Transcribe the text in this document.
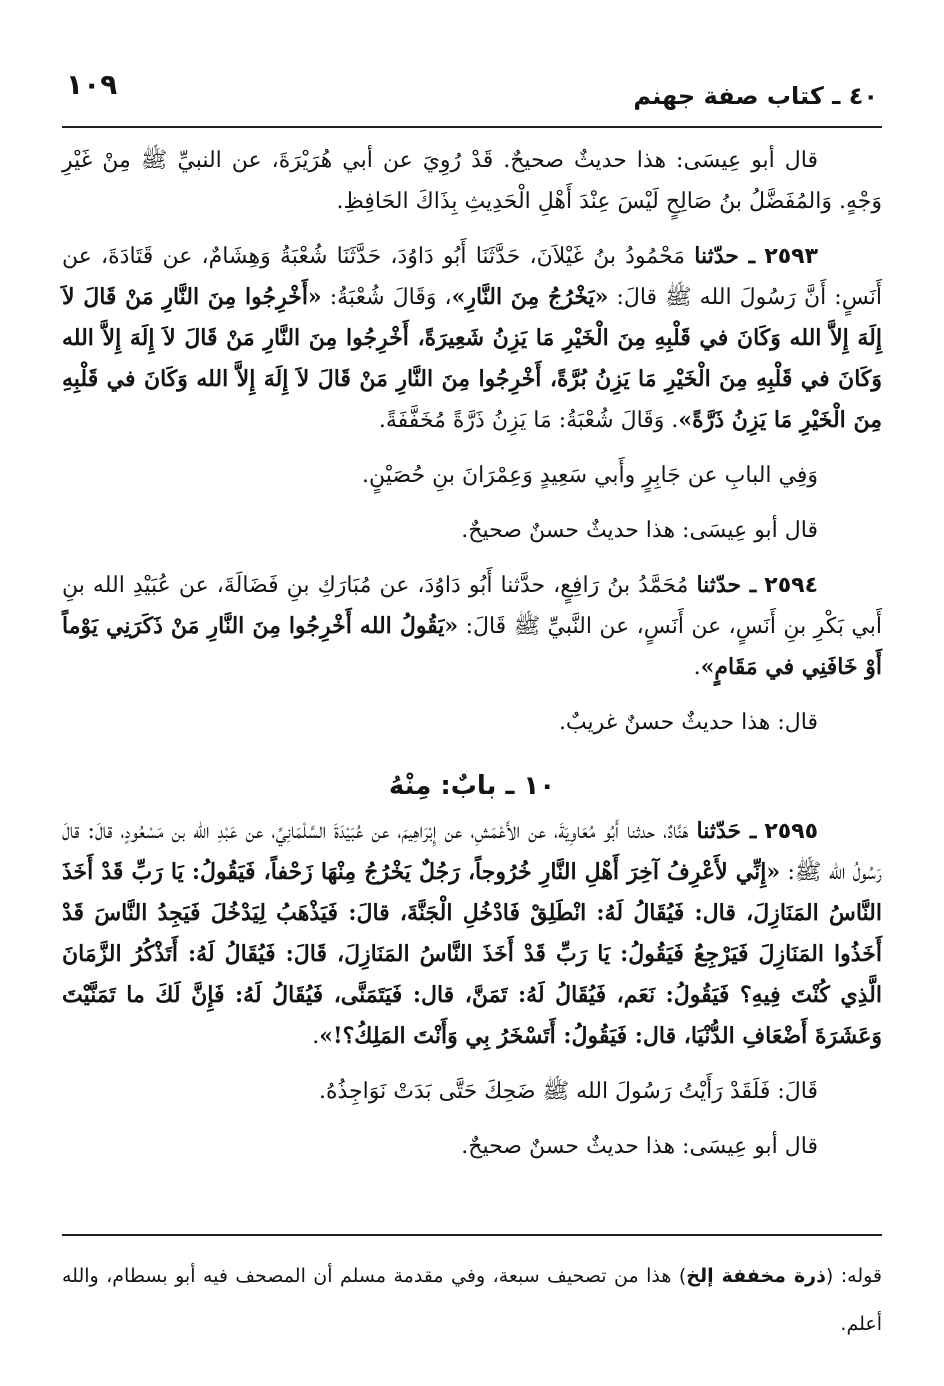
١٠٩	٤٠ ـ كتاب صفة جهنم

قال أبو عِيسَى: هذا حديثٌ صحيحٌ. قَدْ رُوِيَ عن أبي هُرَيْرَةَ، عن النبيِّ ﷺ مِنْ غَيْرِ وَجْهٍ. وَالمُفَضَّلُ بنُ صَالِحٍ لَيْسَ عِنْدَ أَهْلِ الْحَدِيثِ بِذَاكَ الحَافِظِ.

٢٥٩٣ ـ حدّثنا مَحْمُودُ بنُ غَيْلاَنَ، حَدَّثَنَا أَبُو دَاوُدَ، حَدَّثَنَا شُعْبَةُ وَهِشَامٌ، عن قَتَادَةَ، عن أَنَسٍ: أَنَّ رَسُولَ الله ﷺ قالَ: «يَخْرُجُ مِنَ النَّارِ»، وَقَالَ شُعْبَةُ: «أَخْرِجُوا مِنَ النَّارِ مَنْ قَالَ لاَ إِلَهَ إِلاَّ الله وَكَانَ في قَلْبِهِ مِنَ الْخَيْرِ مَا يَزِنُ شَعِيرَةً، أَخْرِجُوا مِنَ النَّارِ مَنْ قَالَ لاَ إِلَهَ إِلاَّ الله وَكَانَ في قَلْبِهِ مِنَ الْخَيْرِ مَا يَزِنُ بُرَّةً، أَخْرِجُوا مِنَ النَّارِ مَنْ قَالَ لاَ إِلَهَ إِلاَّ الله وَكَانَ في قَلْبِهِ مِنَ الْخَيْرِ مَا يَزِنُ ذَرَّةً». وَقَالَ شُعْبَةُ: مَا يَزِنُ ذَرَّةً مُخَفَّفَةً.

وَفِي البابِ عن جَابِرٍ وأَبي سَعِيدٍ وَعِمْرَانَ بنِ حُصَيْنٍ.

قال أبو عِيسَى: هذا حديثٌ حسنٌ صحيحٌ.

٢٥٩٤ ـ حدّثنا مُحَمَّدُ بنُ رَافِعٍ، حدَّثنا أَبُو دَاوُدَ، عن مُبَارَكِ بنِ فَضَالَةَ، عن عُبَيْدِ الله بنِ أَبي بَكْرِ بنِ أَنَسٍ، عن أَنَسٍ، عن النَّبيِّ ﷺ قَالَ: «يَقُولُ الله أَخْرِجُوا مِنَ النَّارِ مَنْ ذَكَرَنِي يَوْماً أَوْ خَافَنِي في مَقَامٍ».

قال: هذا حديثٌ حسنٌ غريبٌ.

١٠ ـ بابٌ: مِنْهُ

٢٥٩٥ ـ حَدّثنا هَنَّادٌ، حدثنا أَبُو مُعَاوِيَةَ، عن الأَعْمَشِ، عن إِبْرَاهِيمَ، عن عُبَيْدَةَ السَّلْمَانِيِّ، عن عَبْدِ الله بن مَسْعُودٍ، قالَ: قالَ رَسُولُ الله ﷺ: «إِنِّي لأَعْرِفُ آخِرَ أَهْلِ النَّارِ خُرُوجاً، رَجُلٌ يَخْرُجُ مِنْهَا زَحْفاً، فَيَقُولُ: يَا رَبِّ قَدْ أَخَذَ النَّاسُ المَنَازِلَ، قال: فَيُقَالُ لَهُ: انْطَلِقْ فَادْخُلِ الْجَنَّةَ، قالَ: فَيَذْهَبُ لِيَدْخُلَ فَيَجِدُ النَّاسَ قَدْ أَخَذُوا المَنَازِلَ فَيَرْجِعُ فَيَقُولُ: يَا رَبِّ قَدْ أَخَذَ النَّاسُ المَنَازِلَ، قَالَ: فَيُقَالُ لَهُ: أَتَذْكُرُ الزَّمَانَ الَّذِي كُنْتَ فِيهِ؟ فَيَقُولُ: نَعَم، فَيُقَالُ لَهُ: تَمَنَّ، قال: فَيَتَمَنَّى، فَيُقَالُ لَهُ: فَإِنَّ لَكَ ما تَمَنَّيْتَ وَعَشَرَةَ أَضْعَافِ الدُّنْيَا، قال: فَيَقُولُ: أَتَسْخَرُ بِي وَأَنْتَ المَلِكُ؟!».

قَالَ: فَلَقَدْ رَأَيْتُ رَسُولَ الله ﷺ ضَحِكَ حَتَّى بَدَتْ نَوَاجِذُهُ.

قال أبو عِيسَى: هذا حديثٌ حسنٌ صحيحٌ.

قوله: (ذرة مخففة إلخ) هذا من تصحيف سبعة، وفي مقدمة مسلم أن المصحف فيه أبو بسطام، والله أعلم.
